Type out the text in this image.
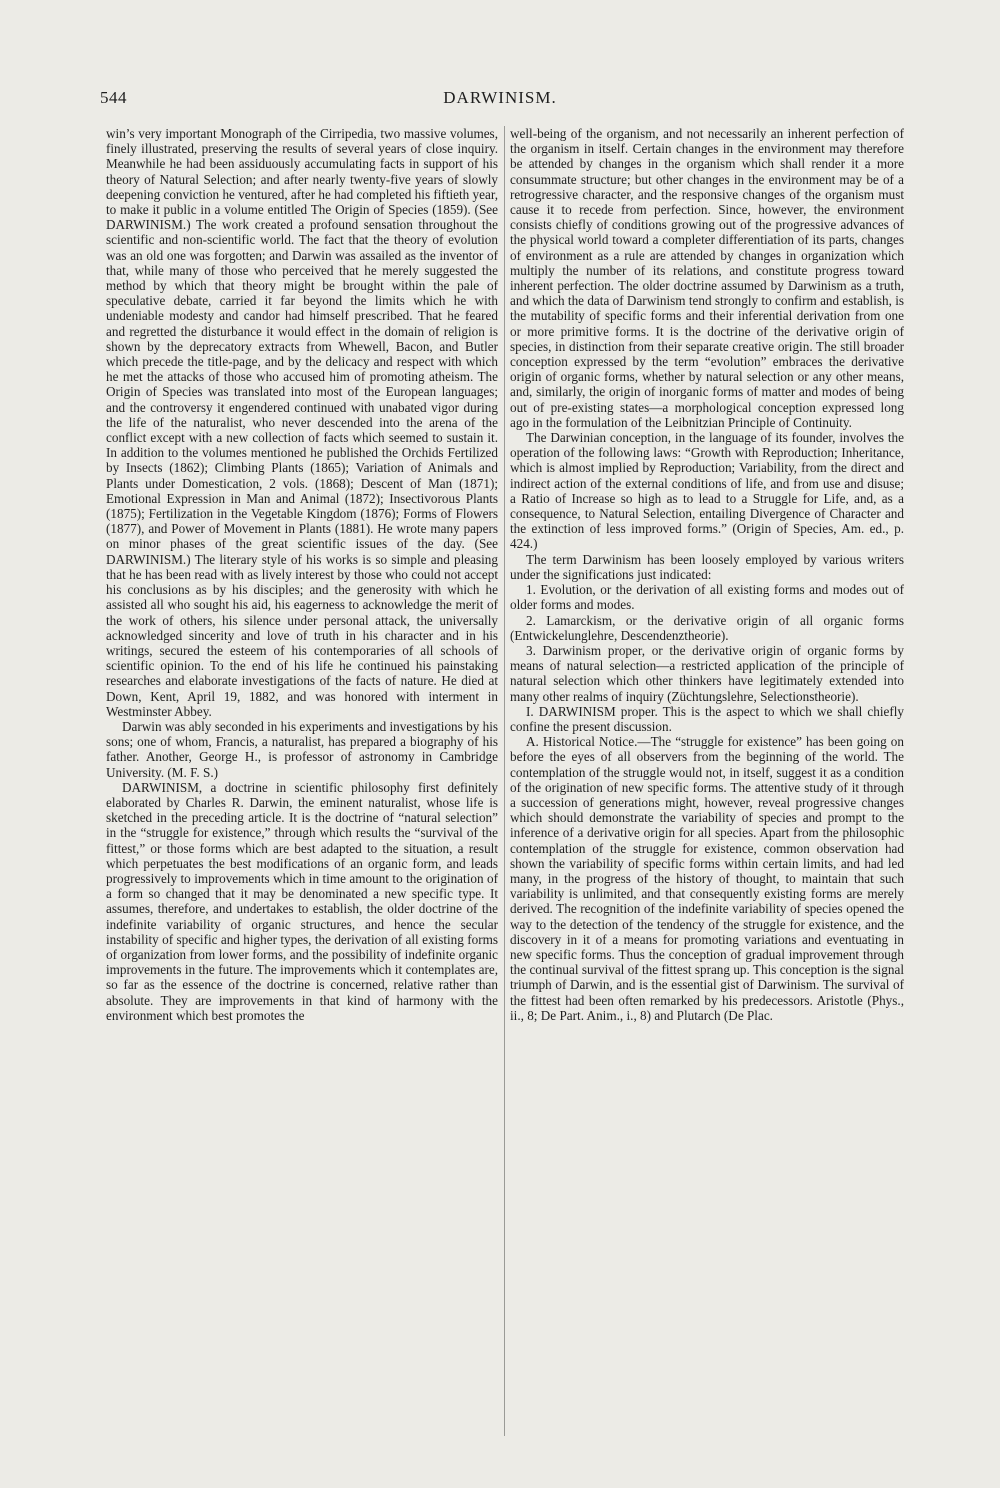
544	DARWINISM.

win’s very important Monograph of the Cirripedia, two massive volumes, finely illustrated, preserving the results of several years of close inquiry. Meanwhile he had been assiduously accumulating facts in support of his theory of Natural Selection; and after nearly twenty-five years of slowly deepening conviction he ventured, after he had completed his fiftieth year, to make it public in a volume entitled The Origin of Species (1859). (See DARWINISM.) The work created a profound sensation throughout the scientific and non-scientific world. The fact that the theory of evolution was an old one was forgotten; and Darwin was assailed as the inventor of that, while many of those who perceived that he merely suggested the method by which that theory might be brought within the pale of speculative debate, carried it far beyond the limits which he with undeniable modesty and candor had himself prescribed. That he feared and regretted the disturbance it would effect in the domain of religion is shown by the deprecatory extracts from Whewell, Bacon, and Butler which precede the title-page, and by the delicacy and respect with which he met the attacks of those who accused him of promoting atheism. The Origin of Species was translated into most of the European languages; and the controversy it engendered continued with unabated vigor during the life of the naturalist, who never descended into the arena of the conflict except with a new collection of facts which seemed to sustain it. In addition to the volumes mentioned he published the Orchids Fertilized by Insects (1862); Climbing Plants (1865); Variation of Animals and Plants under Domestication, 2 vols. (1868); Descent of Man (1871); Emotional Expression in Man and Animal (1872); Insectivorous Plants (1875); Fertilization in the Vegetable Kingdom (1876); Forms of Flowers (1877), and Power of Movement in Plants (1881). He wrote many papers on minor phases of the great scientific issues of the day. (See DARWINISM.) The literary style of his works is so simple and pleasing that he has been read with as lively interest by those who could not accept his conclusions as by his disciples; and the generosity with which he assisted all who sought his aid, his eagerness to acknowledge the merit of the work of others, his silence under personal attack, the universally acknowledged sincerity and love of truth in his character and in his writings, secured the esteem of his contemporaries of all schools of scientific opinion. To the end of his life he continued his painstaking researches and elaborate investigations of the facts of nature. He died at Down, Kent, April 19, 1882, and was honored with interment in Westminster Abbey.

Darwin was ably seconded in his experiments and investigations by his sons; one of whom, Francis, a naturalist, has prepared a biography of his father. Another, George H., is professor of astronomy in Cambridge University. (M. F. S.)

DARWINISM, a doctrine in scientific philosophy first definitely elaborated by Charles R. Darwin, the eminent naturalist, whose life is sketched in the preceding article. It is the doctrine of “natural selection” in the “struggle for existence,” through which results the “survival of the fittest,” or those forms which are best adapted to the situation, a result which perpetuates the best modifications of an organic form, and leads progressively to improvements which in time amount to the origination of a form so changed that it may be denominated a new specific type. It assumes, therefore, and undertakes to establish, the older doctrine of the indefinite variability of organic structures, and hence the secular instability of specific and higher types, the derivation of all existing forms of organization from lower forms, and the possibility of indefinite organic improvements in the future. The improvements which it contemplates are, so far as the essence of the doctrine is concerned, relative rather than absolute. They are improvements in that kind of harmony with the environment which best promotes the

well-being of the organism, and not necessarily an inherent perfection of the organism in itself. Certain changes in the environment may therefore be attended by changes in the organism which shall render it a more consummate structure; but other changes in the environment may be of a retrogressive character, and the responsive changes of the organism must cause it to recede from perfection. Since, however, the environment consists chiefly of conditions growing out of the progressive advances of the physical world toward a completer differentiation of its parts, changes of environment as a rule are attended by changes in organization which multiply the number of its relations, and constitute progress toward inherent perfection. The older doctrine assumed by Darwinism as a truth, and which the data of Darwinism tend strongly to confirm and establish, is the mutability of specific forms and their inferential derivation from one or more primitive forms. It is the doctrine of the derivative origin of species, in distinction from their separate creative origin. The still broader conception expressed by the term “evolution” embraces the derivative origin of organic forms, whether by natural selection or any other means, and, similarly, the origin of inorganic forms of matter and modes of being out of pre-existing states—a morphological conception expressed long ago in the formulation of the Leibnitzian Principle of Continuity.

The Darwinian conception, in the language of its founder, involves the operation of the following laws: “Growth with Reproduction; Inheritance, which is almost implied by Reproduction; Variability, from the direct and indirect action of the external conditions of life, and from use and disuse; a Ratio of Increase so high as to lead to a Struggle for Life, and, as a consequence, to Natural Selection, entailing Divergence of Character and the extinction of less improved forms.” (Origin of Species, Am. ed., p. 424.)

The term Darwinism has been loosely employed by various writers under the significations just indicated:

1. Evolution, or the derivation of all existing forms and modes out of older forms and modes.

2. Lamarckism, or the derivative origin of all organic forms (Entwickelunglehre, Descendenztheorie).

3. Darwinism proper, or the derivative origin of organic forms by means of natural selection—a restricted application of the principle of natural selection which other thinkers have legitimately extended into many other realms of inquiry (Züchtungslehre, Selectionstheorie).

I. DARWINISM proper. This is the aspect to which we shall chiefly confine the present discussion.

A. Historical Notice.—The “struggle for existence” has been going on before the eyes of all observers from the beginning of the world. The contemplation of the struggle would not, in itself, suggest it as a condition of the origination of new specific forms. The attentive study of it through a succession of generations might, however, reveal progressive changes which should demonstrate the variability of species and prompt to the inference of a derivative origin for all species. Apart from the philosophic contemplation of the struggle for existence, common observation had shown the variability of specific forms within certain limits, and had led many, in the progress of the history of thought, to maintain that such variability is unlimited, and that consequently existing forms are merely derived. The recognition of the indefinite variability of species opened the way to the detection of the tendency of the struggle for existence, and the discovery in it of a means for promoting variations and eventuating in new specific forms. Thus the conception of gradual improvement through the continual survival of the fittest sprang up. This conception is the signal triumph of Darwin, and is the essential gist of Darwinism. The survival of the fittest had been often remarked by his predecessors. Aristotle (Phys., ii., 8; De Part. Anim., i., 8) and Plutarch (De Plac.
